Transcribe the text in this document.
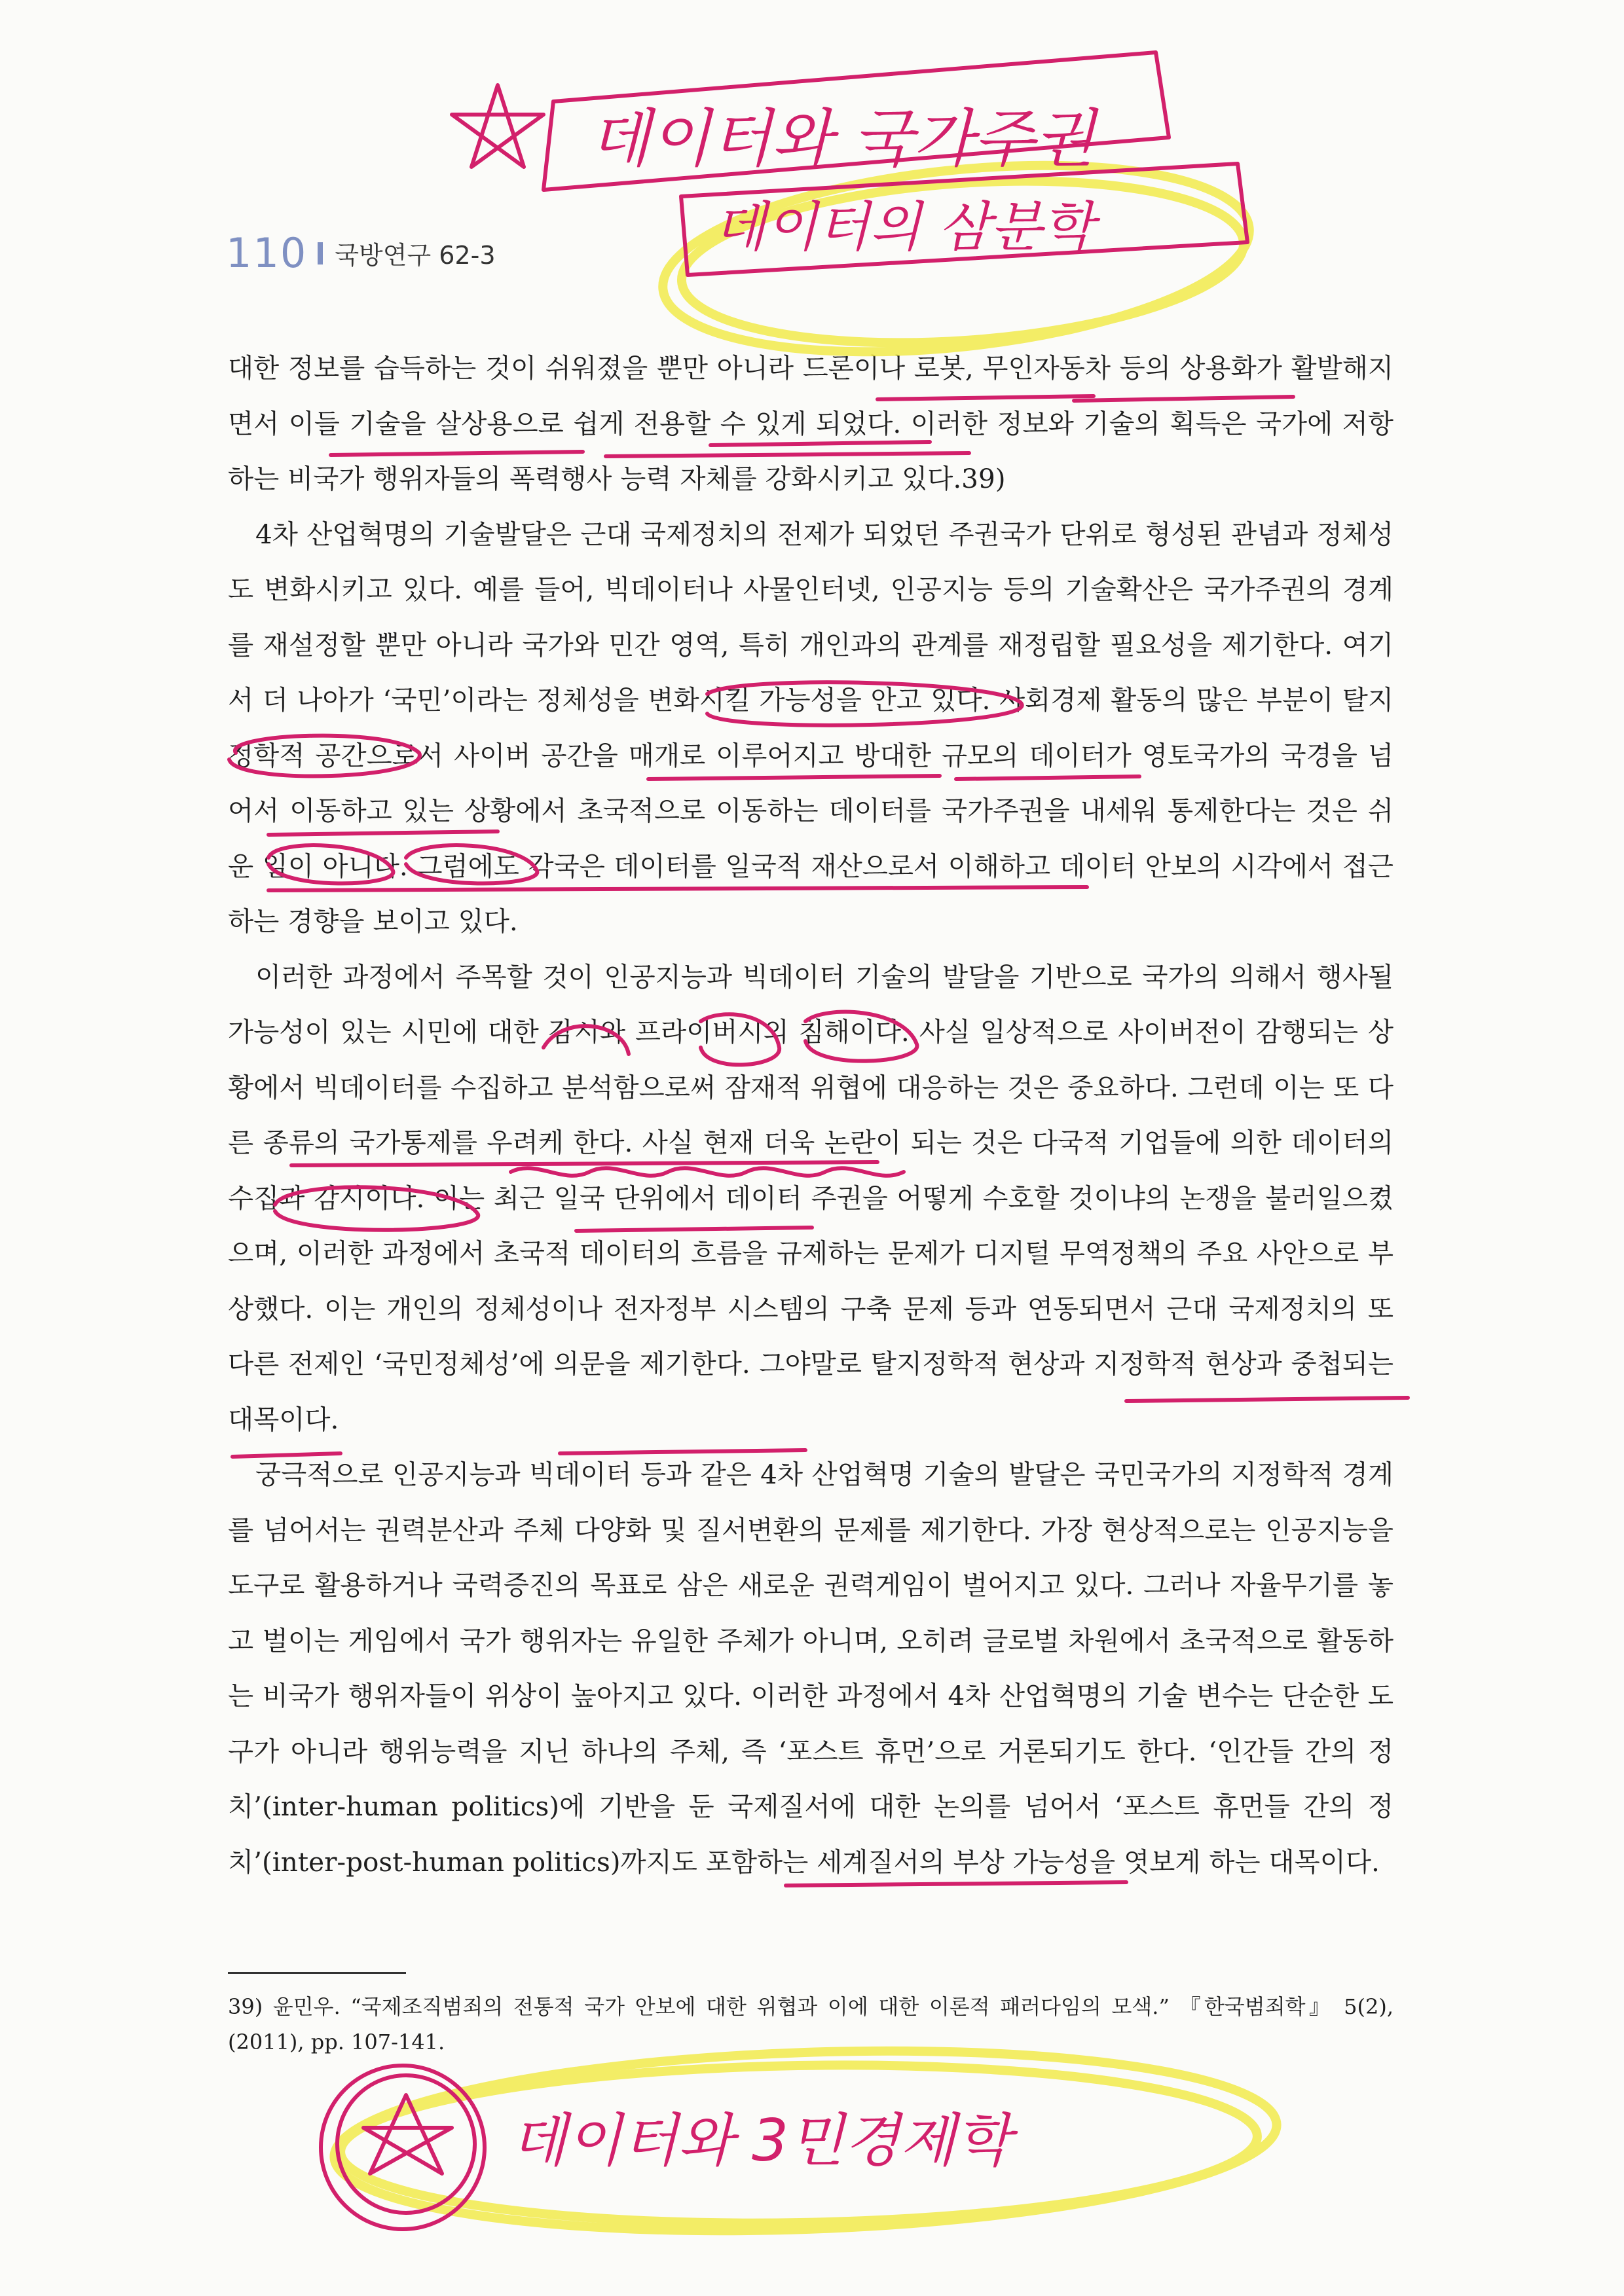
110 국방연구 62-3

대한 정보를 습득하는 것이 쉬워졌을 뿐만 아니라 드론이나 로봇, 무인자동차 등의 상용화가 활발해지면서 이들 기술을 살상용으로 쉽게 전용할 수 있게 되었다. 이러한 정보와 기술의 획득은 국가에 저항하는 비국가 행위자들의 폭력행사 능력 자체를 강화시키고 있다.39)

4차 산업혁명의 기술발달은 근대 국제정치의 전제가 되었던 주권국가 단위로 형성된 관념과 정체성도 변화시키고 있다. 예를 들어, 빅데이터나 사물인터넷, 인공지능 등의 기술확산은 국가주권의 경계를 재설정할 뿐만 아니라 국가와 민간 영역, 특히 개인과의 관계를 재정립할 필요성을 제기한다. 여기서 더 나아가 ‘국민’이라는 정체성을 변화시킬 가능성을 안고 있다. 사회경제 활동의 많은 부분이 탈지정학적 공간으로서 사이버 공간을 매개로 이루어지고 방대한 규모의 데이터가 영토국가의 국경을 넘어서 이동하고 있는 상황에서 초국적으로 이동하는 데이터를 국가주권을 내세워 통제한다는 것은 쉬운 일이 아니다. 그럼에도 각국은 데이터를 일국적 재산으로서 이해하고 데이터 안보의 시각에서 접근하는 경향을 보이고 있다.

이러한 과정에서 주목할 것이 인공지능과 빅데이터 기술의 발달을 기반으로 국가의 의해서 행사될 가능성이 있는 시민에 대한 감시와 프라이버시의 침해이다. 사실 일상적으로 사이버전이 감행되는 상황에서 빅데이터를 수집하고 분석함으로써 잠재적 위협에 대응하는 것은 중요하다. 그런데 이는 또 다른 종류의 국가통제를 우려케 한다. 사실 현재 더욱 논란이 되는 것은 다국적 기업들에 의한 데이터의 수집과 감시이다. 이는 최근 일국 단위에서 데이터 주권을 어떻게 수호할 것이냐의 논쟁을 불러일으켰으며, 이러한 과정에서 초국적 데이터의 흐름을 규제하는 문제가 디지털 무역정책의 주요 사안으로 부상했다. 이는 개인의 정체성이나 전자정부 시스템의 구축 문제 등과 연동되면서 근대 국제정치의 또 다른 전제인 ‘국민정체성’에 의문을 제기한다. 그야말로 탈지정학적 현상과 지정학적 현상과 중첩되는 대목이다.

궁극적으로 인공지능과 빅데이터 등과 같은 4차 산업혁명 기술의 발달은 국민국가의 지정학적 경계를 넘어서는 권력분산과 주체 다양화 및 질서변환의 문제를 제기한다. 가장 현상적으로는 인공지능을 도구로 활용하거나 국력증진의 목표로 삼은 새로운 권력게임이 벌어지고 있다. 그러나 자율무기를 놓고 벌이는 게임에서 국가 행위자는 유일한 주체가 아니며, 오히려 글로벌 차원에서 초국적으로 활동하는 비국가 행위자들이 위상이 높아지고 있다. 이러한 과정에서 4차 산업혁명의 기술 변수는 단순한 도구가 아니라 행위능력을 지닌 하나의 주체, 즉 ‘포스트 휴먼’으로 거론되기도 한다. ‘인간들 간의 정치’(inter-human politics)에 기반을 둔 국제질서에 대한 논의를 넘어서 ‘포스트 휴먼들 간의 정치’(inter-post-human politics)까지도 포함하는 세계질서의 부상 가능성을 엿보게 하는 대목이다.

39) 윤민우. “국제조직범죄의 전통적 국가 안보에 대한 위협과 이에 대한 이론적 패러다임의 모색.” 『한국범죄학』 5(2), (2011), pp. 107-141.
데이터와 국가주권
데이터의 삼분학
데이터와 3민경제학
